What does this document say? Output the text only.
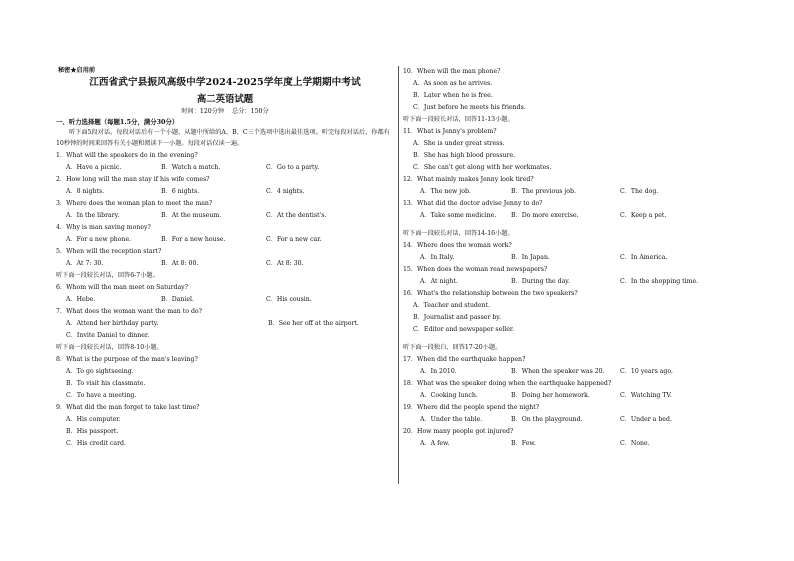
秘密★启用前
江西省武宁县振风高级中学2024-2025学年度上学期期中考试
高二英语试题
时间：120分钟 总分：150分
一、听力选择题（每题1.5分，满分30分）
听下面5段对话。每段对话后有一个小题，从题中所给的A、B、C三个选项中选出最佳选项。听完每段对话后，你都有10秒钟的时间来回答有关小题和阅读下一小题。每段对话仅读一遍。
1．What will the speakers do in the evening?
A．Have a picnic.	B．Watch a match.	C．Go to a party.
2．How long will the man stay if his wife comes?
A．8 nights.	B．6 nights.	C．4 nights.
3．Where does the woman plan to meet the man?
A．In the library.	B．At the museum.	C．At the dentist's.
4．Why is man saving money?
A．For a new phone.	B．For a new house.	C．For a new car.
5．When will the reception start?
A．At 7: 30.	B．At 8: 00.	C．At 8: 30.
听下面一段较长对话，回答6-7小题。
6．Whom will the man meet on Saturday?
A．Hebe.	B．Daniel.	C．His cousin.
7．What does the woman want the man to do?
A．Attend her birthday party.	B．See her off at the airport.
C．Invite Daniel to dinner.
听下面一段较长对话，回答8-10小题。
8．What is the purpose of the man's leaving?
A．To go sightseeing.
B．To visit his classmate.
C．To have a meeting.
9．What did the man forget to take last time?
A．His computer.
B．His passport.
C．His credit card.
10．When will the man phone?
A．As soon as he arrives.
B．Later when he is free.
C．Just before he meets his friends.
听下面一段较长对话，回答11-13小题。
11．What is Jenny's problem?
A．She is under great stress.
B．She has high blood pressure.
C．She can't get along with her workmates.
12．What mainly makes Jenny look tired?
A．The new job.	B．The previous job.	C．The dog.
13．What did the doctor advise Jenny to do?
A．Take some medicine. B．Do more exercise.	C．Keep a pet.
听下面一段较长对话，回答14-16小题。
14．Where does the woman work?
A．In Italy.	B．In Japan.	C．In America.
15．When does the woman read newspapers?
A．At night.	B．During the day.	C．In the shopping time.
16．What's the relationship between the two speakers?
A．Teacher and student.
B．Journalist and passer by.
C．Editor and newspaper seller.
听下面一段独白，回答17-20小题。
17．When did the earthquake happen?
A．In 2010.	B．When the speaker was 20. C．10 years ago.
18．What was the speaker doing when the earthquake happened?
A．Cooking lunch.	B．Doing her homework.	C．Watching TV.
19．Where did the people spend the night?
A．Under the table.	B．On the playground.	C．Under a bed.
20．How many people got injured?
A．A few.	B．Few.	C．None.
